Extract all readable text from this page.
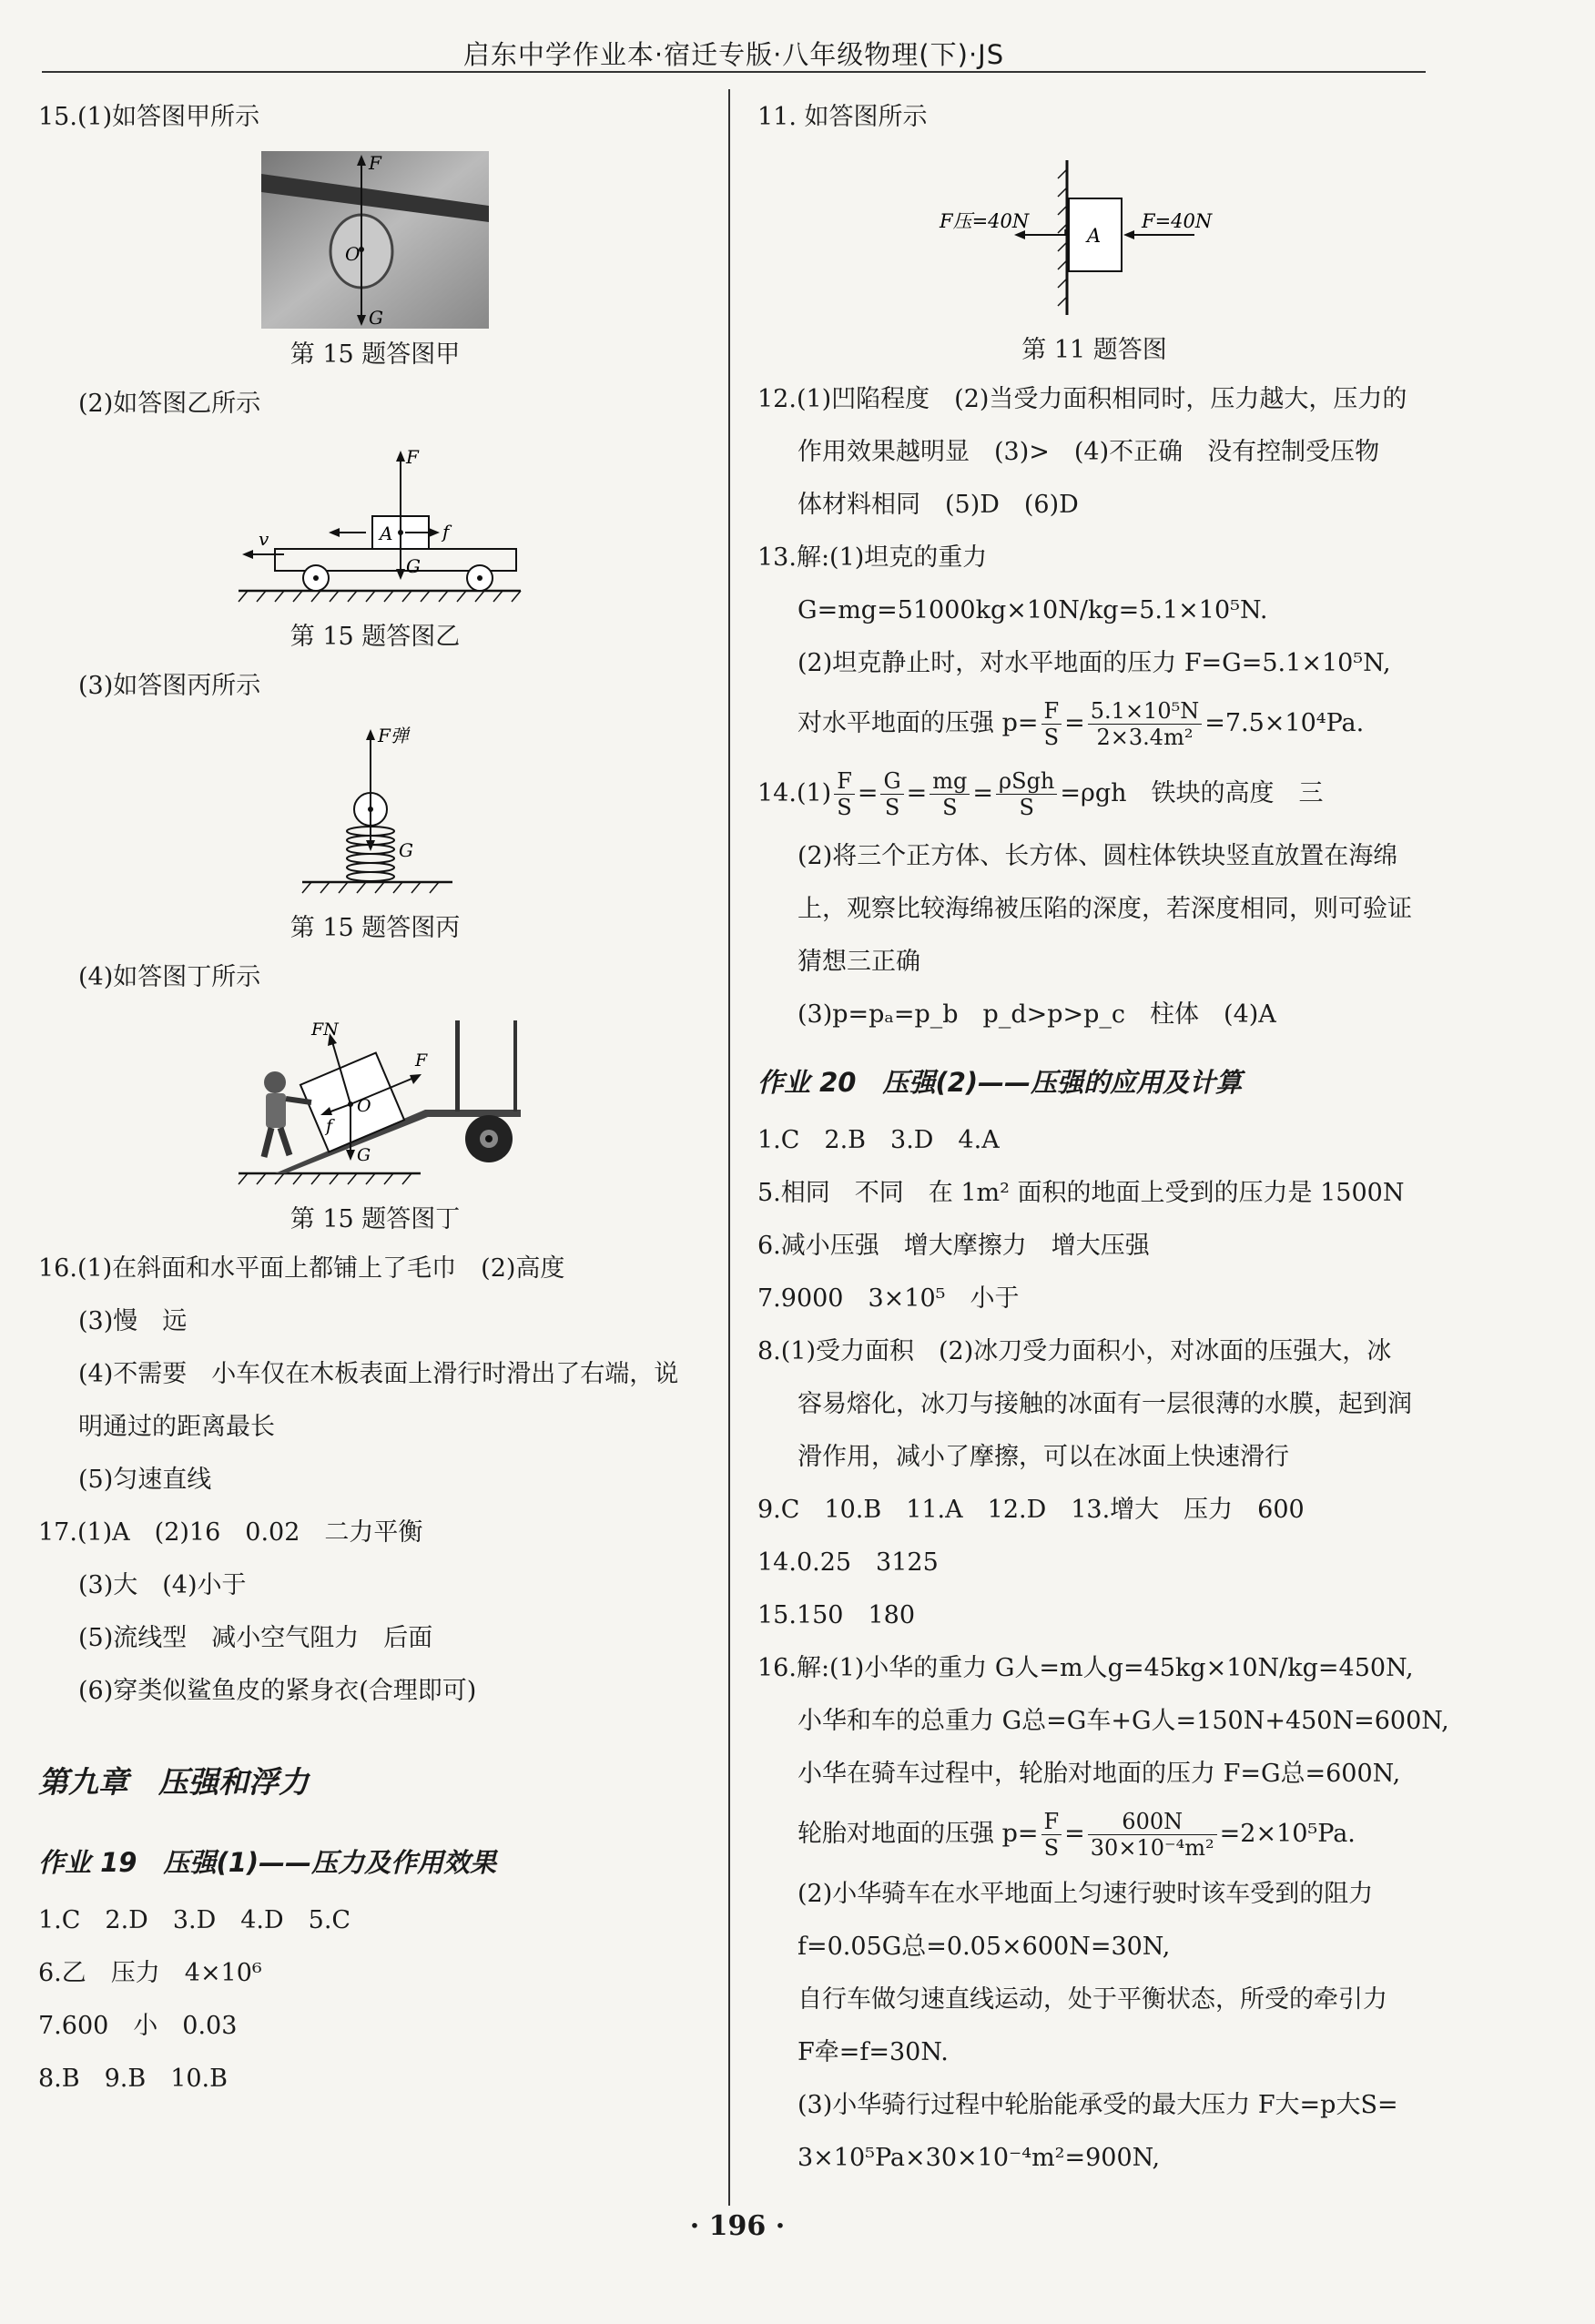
启东中学作业本·宿迁专版·八年级物理(下)·JS
15.(1)如答图甲所示
F
O
G
第 15 题答图甲
(2)如答图乙所示
F
A	f
v
G
第 15 题答图乙
(3)如答图丙所示
F弹
G
第 15 题答图丙
(4)如答图丁所示
FN
F
f
O
G
第 15 题答图丁
16.(1)在斜面和水平面上都铺上了毛巾　(2)高度
(3)慢　远
(4)不需要　小车仅在木板表面上滑行时滑出了右端，说
明通过的距离最长
(5)匀速直线
17.(1)A　(2)16　0.02　二力平衡
(3)大　(4)小于
(5)流线型　减小空气阻力　后面
(6)穿类似鲨鱼皮的紧身衣(合理即可)
第九章　压强和浮力
作业 19　压强(1)——压力及作用效果
1.C　2.D　3.D　4.D　5.C
6.乙　压力　4×10⁶
7.600　小　0.03
8.B　9.B　10.B
11. 如答图所示
F压=40N
A
F=40N
第 11 题答图
12.(1)凹陷程度　(2)当受力面积相同时，压力越大，压力的
作用效果越明显　(3)>　(4)不正确　没有控制受压物
体材料相同　(5)D　(6)D
13.解:(1)坦克的重力
G=mg=51000kg×10N/kg=5.1×10⁵N.
(2)坦克静止时，对水平地面的压力 F=G=5.1×10⁵N,
对水平地面的压强 $p= \frac{F}{S} = \frac{\text{5.1×10⁵N}}{\text{2×3.4m²}} =7.5\times 10^4Pa$.
$14.(1) \frac{F}{S} = \frac{G}{S} = \frac{mg}{S} = \frac{\text{ρSgh}}{S} =\rho gh$　铁块的高度　三
(2)将三个正方体、长方体、圆柱体铁块竖直放置在海绵
上，观察比较海绵被压陷的深度，若深度相同，则可验证
猜想三正确
(3)p=pₐ=p_b　p_d>p>p_c　柱体　(4)A
作业 20　压强(2)——压强的应用及计算
1.C　2.B　3.D　4.A
5.相同　不同　在 1m² 面积的地面上受到的压力是 1500N
6.减小压强　增大摩擦力　增大压强
7.9000　3×10⁵　小于
8.(1)受力面积　(2)冰刀受力面积小，对冰面的压强大，冰
容易熔化，冰刀与接触的冰面有一层很薄的水膜，起到润
滑作用，减小了摩擦，可以在冰面上快速滑行
9.C　10.B　11.A　12.D　13.增大　压力　600
14.0.25　3125
15.150　180
16.解:(1)小华的重力 G人=m人g=45kg×10N/kg=450N,
小华和车的总重力 G总=G车+G人=150N+450N=600N,
小华在骑车过程中，轮胎对地面的压力 F=G总=600N,
轮胎对地面的压强 $p= \frac{F}{S} = \frac{600N}{\text{30×10⁻⁴m²}} =2\times 10^5Pa$.
(2)小华骑车在水平地面上匀速行驶时该车受到的阻力
f=0.05G总=0.05×600N=30N,
自行车做匀速直线运动，处于平衡状态，所受的牵引力
F牵=f=30N.
(3)小华骑行过程中轮胎能承受的最大压力 F大=p大S=
3×10⁵Pa×30×10⁻⁴m²=900N,
· 196 ·
